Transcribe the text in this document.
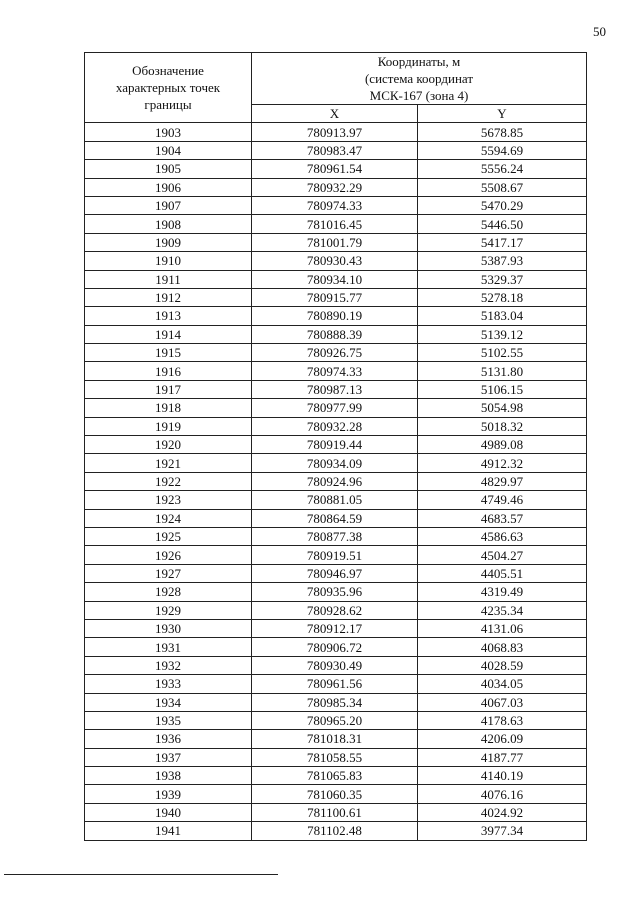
50
Обозначение характерных точек границы	Координаты, м
(система координат
МСК-167 (зона 4)	

	X	Y
1903	780913.97	5678.85
1904	780983.47	5594.69
1905	780961.54	5556.24
1906	780932.29	5508.67
1907	780974.33	5470.29
1908	781016.45	5446.50
1909	781001.79	5417.17
1910	780930.43	5387.93
1911	780934.10	5329.37
1912	780915.77	5278.18
1913	780890.19	5183.04
1914	780888.39	5139.12
1915	780926.75	5102.55
1916	780974.33	5131.80
1917	780987.13	5106.15
1918	780977.99	5054.98
1919	780932.28	5018.32
1920	780919.44	4989.08
1921	780934.09	4912.32
1922	780924.96	4829.97
1923	780881.05	4749.46
1924	780864.59	4683.57
1925	780877.38	4586.63
1926	780919.51	4504.27
1927	780946.97	4405.51
1928	780935.96	4319.49
1929	780928.62	4235.34
1930	780912.17	4131.06
1931	780906.72	4068.83
1932	780930.49	4028.59
1933	780961.56	4034.05
1934	780985.34	4067.03
1935	780965.20	4178.63
1936	781018.31	4206.09
1937	781058.55	4187.77
1938	781065.83	4140.19
1939	781060.35	4076.16
1940	781100.61	4024.92
1941	781102.48	3977.34
